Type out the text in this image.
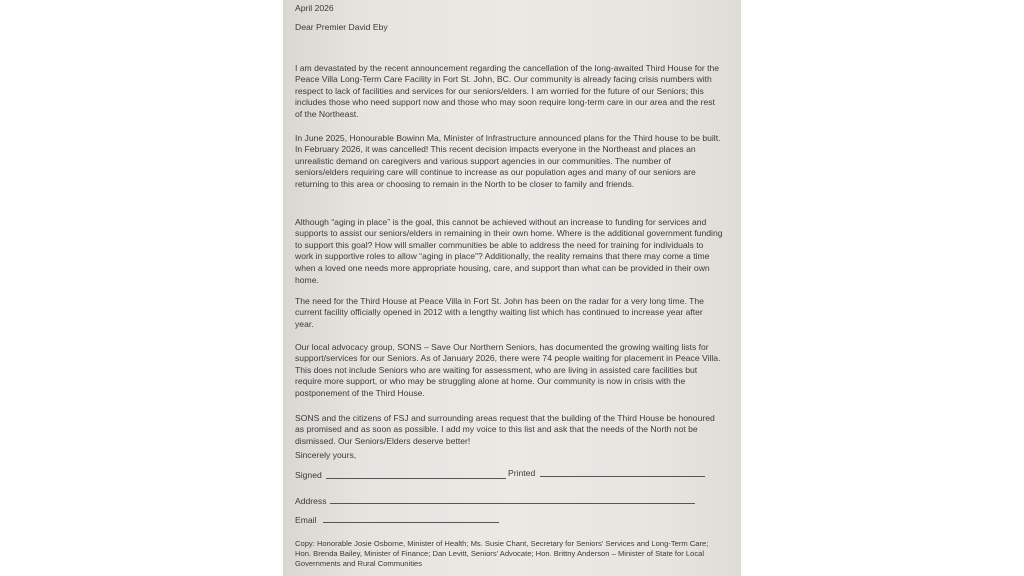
April 2026
Dear Premier David Eby

I am devastated by the recent announcement regarding the cancellation of the long-awaited Third House for the Peace Villa Long-Term Care Facility in Fort St. John, BC. Our community is already facing crisis numbers with respect to lack of facilities and services for our seniors/elders. I am worried for the future of our Seniors; this includes those who need support now and those who may soon require long-term care in our area and the rest of the Northeast.

In June 2025, Honourable Bowinn Ma, Minister of Infrastructure announced plans for the Third house to be built. In February 2026, it was cancelled! This recent decision impacts everyone in the Northeast and places an unrealistic demand on caregivers and various support agencies in our communities. The number of seniors/elders requiring care will continue to increase as our population ages and many of our seniors are returning to this area or choosing to remain in the North to be closer to family and friends.

Although “aging in place” is the goal, this cannot be achieved without an increase to funding for services and supports to assist our seniors/elders in remaining in their own home. Where is the additional government funding to support this goal? How will smaller communities be able to address the need for training for individuals to work in supportive roles to allow “aging in place”? Additionally, the reality remains that there may come a time when a loved one needs more appropriate housing, care, and support than what can be provided in their own home.

The need for the Third House at Peace Villa in Fort St. John has been on the radar for a very long time. The current facility officially opened in 2012 with a lengthy waiting list which has continued to increase year after year.

Our local advocacy group, SONS – Save Our Northern Seniors, has documented the growing waiting lists for support/services for our Seniors. As of January 2026, there were 74 people waiting for placement in Peace Villa. This does not include Seniors who are waiting for assessment, who are living in assisted care facilities but require more support, or who may be struggling alone at home. Our community is now in crisis with the postponement of the Third House.

SONS and the citizens of FSJ and surrounding areas request that the building of the Third House be honoured as promised and as soon as possible. I add my voice to this list and ask that the needs of the North not be dismissed. Our Seniors/Elders deserve better!

Sincerely yours,
Signed	Printed
Address
Email

Copy: Honorable Josie Osborne, Minister of Health; Ms. Susie Chant, Secretary for Seniors' Services and Long-Term Care; Hon. Brenda Bailey, Minister of Finance; Dan Levitt, Seniors' Advocate; Hon. Brittny Anderson – Minister of State for Local Governments and Rural Communities
